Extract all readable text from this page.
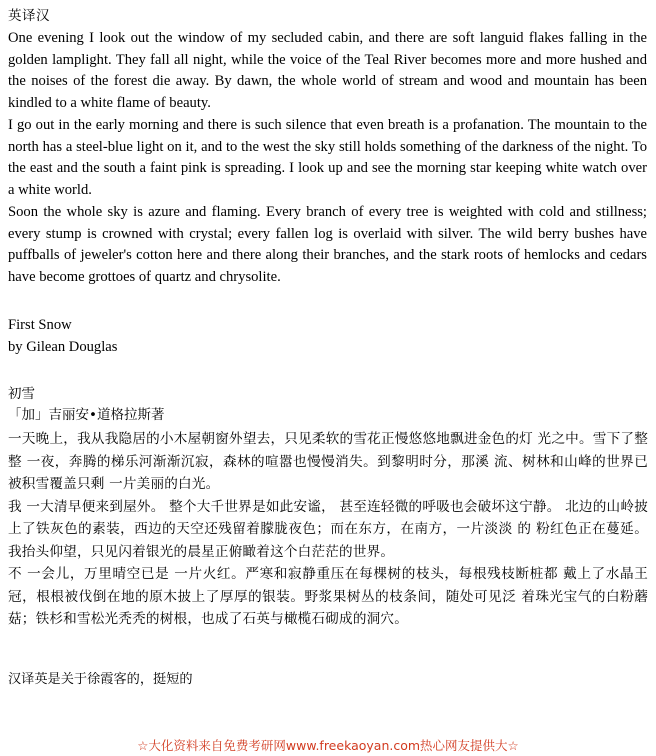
英译汉

One evening I look out the window of my secluded cabin, and there are soft languid flakes falling in the golden lamplight. They fall all night, while the voice of the Teal River becomes more and more hushed and the noises of the forest die away. By dawn, the whole world of stream and wood and mountain has been kindled to a white flame of beauty.

I go out in the early morning and there is such silence that even breath is a profanation. The mountain to the north has a steel-blue light on it, and to the west the sky still holds something of the darkness of the night. To the east and the south a faint pink is spreading. I look up and see the morning star keeping white watch over a white world.

Soon the whole sky is azure and flaming. Every branch of every tree is weighted with cold and stillness; every stump is crowned with crystal; every fallen log is overlaid with silver. The wild berry bushes have puffballs of jeweler's cotton here and there along their branches, and the stark roots of hemlocks and cedars have become grottoes of quartz and chrysolite.

First Snow

by Gilean Douglas

初雪

「加」吉丽安•道格拉斯著

一天晚上，我从我隐居的小木屋朝窗外望去，只见柔软的雪花正慢悠悠地飘进金色的灯 光之中。雪下了整整 一夜，奔腾的梯乐河渐渐沉寂，森林的喧嚣也慢慢消失。到黎明时分，那溪 流、树林和山峰的世界已被积雪覆盖只剩 一片美丽的白光。

我 一大清早便来到屋外。 整个大千世界是如此安谧， 甚至连轻微的呼吸也会破坏这宁静。 北边的山岭披上了铁灰色的素装，西边的天空还残留着朦胧夜色；而在东方，在南方，一片淡淡 的 粉红色正在蔓延。我抬头仰望，只见闪着银光的晨星正俯瞰着这个白茫茫的世界。

不 一会儿，万里晴空已是 一片火红。严寒和寂静重压在每棵树的枝头，每根残枝断桩都 戴上了水晶王冠，根根被伐倒在地的原木披上了厚厚的银装。野浆果树丛的枝条间，随处可见泛 着珠光宝气的白粉蘑菇；铁杉和雪松光秃秃的树根，也成了石英与橄榄石砌成的洞穴。

汉译英是关于徐霞客的，挺短的

☆大化资料来自免费考研网www.freekaoyan.com热心网友提供大☆
